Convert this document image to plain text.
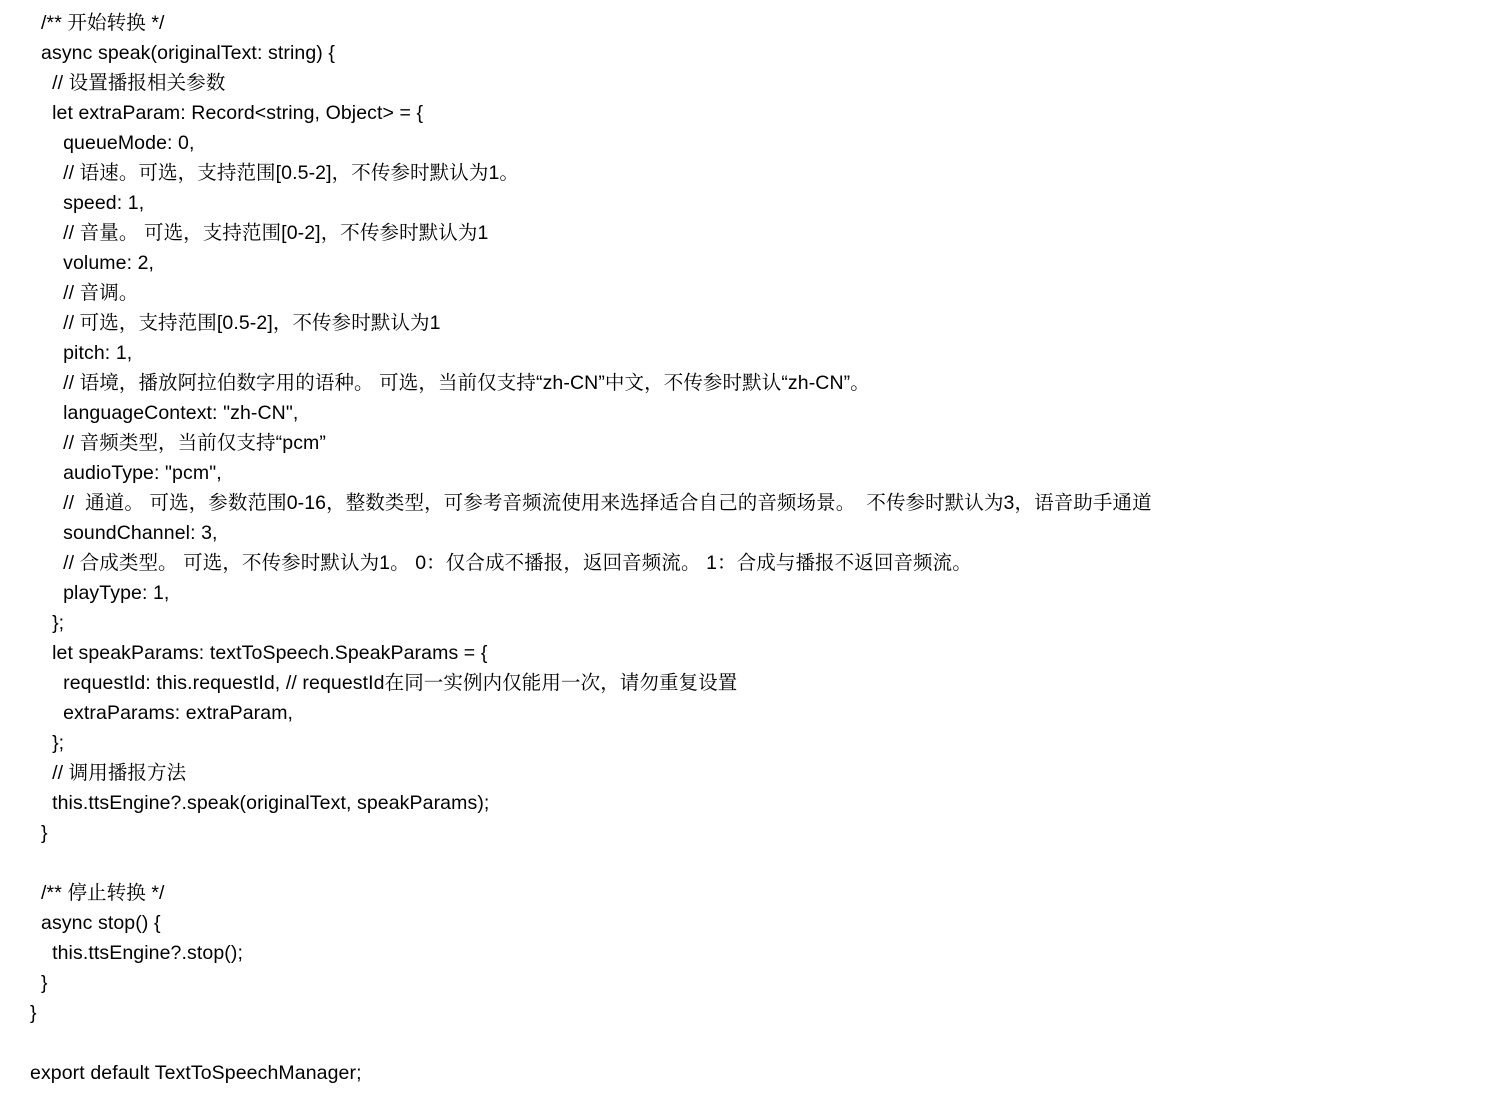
/** 开始转换 */
async speak(originalText: string) {
// 设置播报相关参数
let extraParam: Record<string, Object> = {
queueMode: 0,
// 语速。可选，支持范围[0.5-2]，不传参时默认为1。
speed: 1,
// 音量。 可选，支持范围[0-2]，不传参时默认为1
volume: 2,
// 音调。
// 可选，支持范围[0.5-2]，不传参时默认为1
pitch: 1,
// 语境，播放阿拉伯数字用的语种。 可选，当前仅支持“zh-CN”中文，不传参时默认“zh-CN”。
languageContext: "zh-CN",
// 音频类型，当前仅支持“pcm”
audioType: "pcm",
//  通道。 可选，参数范围0-16，整数类型，可参考音频流使用来选择适合自己的音频场景。  不传参时默认为3，语音助手通道
soundChannel: 3,
// 合成类型。 可选，不传参时默认为1。 0：仅合成不播报，返回音频流。 1：合成与播报不返回音频流。
playType: 1,
};
let speakParams: textToSpeech.SpeakParams = {
requestId: this.requestId, // requestId在同一实例内仅能用一次，请勿重复设置
extraParams: extraParam,
};
// 调用播报方法
this.ttsEngine?.speak(originalText, speakParams);
}
/** 停止转换 */
async stop() {
this.ttsEngine?.stop();
}
}
export default TextToSpeechManager;
